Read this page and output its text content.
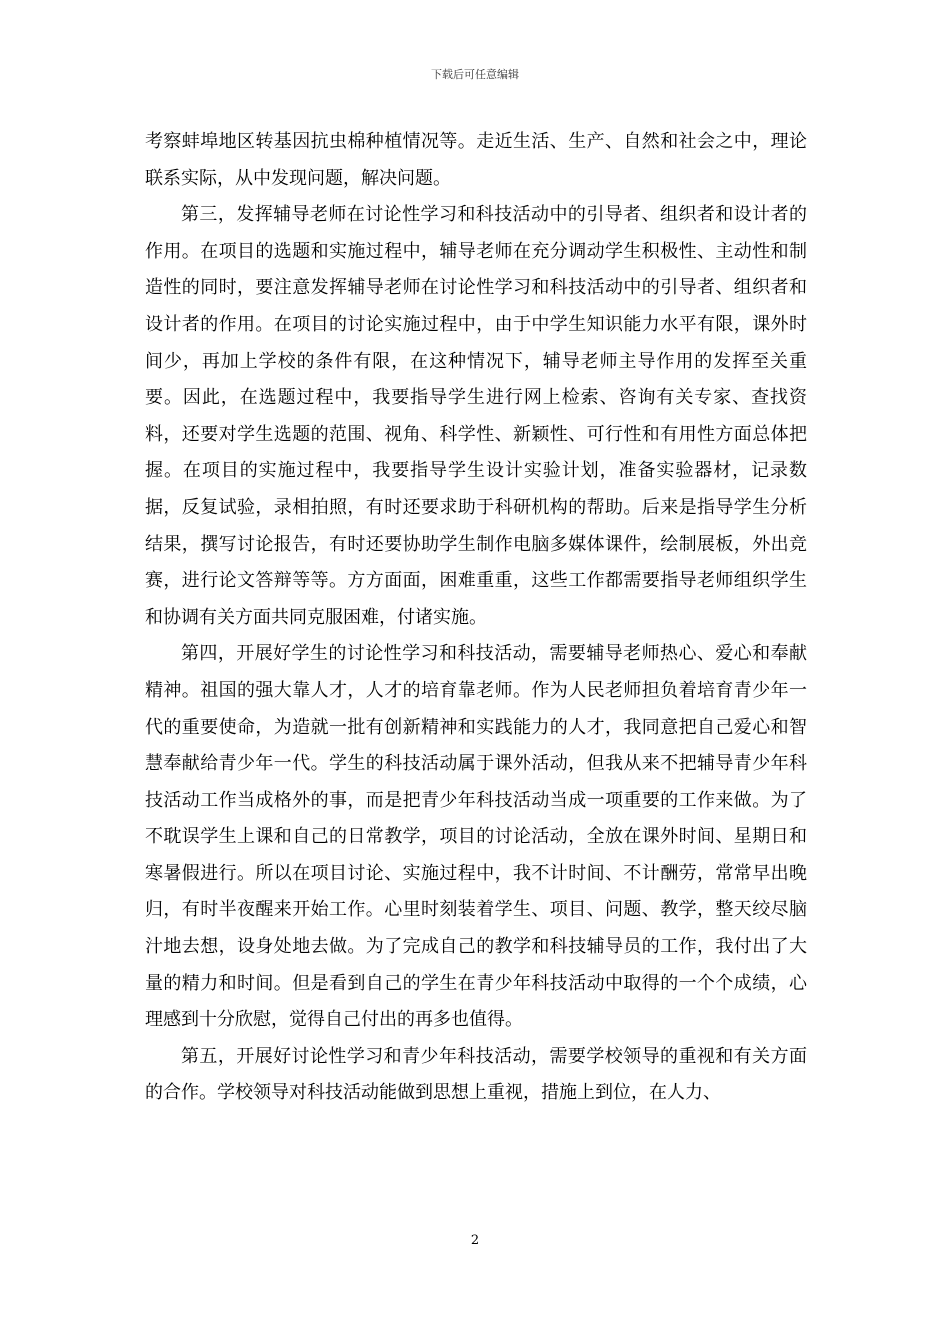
下载后可任意编辑

考察蚌埠地区转基因抗虫棉种植情况等。走近生活、生产、自然和社会之中，理论联系实际，从中发现问题，解决问题。

第三，发挥辅导老师在讨论性学习和科技活动中的引导者、组织者和设计者的作用。在项目的选题和实施过程中，辅导老师在充分调动学生积极性、主动性和制造性的同时，要注意发挥辅导老师在讨论性学习和科技活动中的引导者、组织者和设计者的作用。在项目的讨论实施过程中，由于中学生知识能力水平有限，课外时间少，再加上学校的条件有限，在这种情况下，辅导老师主导作用的发挥至关重要。因此，在选题过程中，我要指导学生进行网上检索、咨询有关专家、查找资料，还要对学生选题的范围、视角、科学性、新颖性、可行性和有用性方面总体把握。在项目的实施过程中，我要指导学生设计实验计划，准备实验器材，记录数据，反复试验，录相拍照，有时还要求助于科研机构的帮助。后来是指导学生分析结果，撰写讨论报告，有时还要协助学生制作电脑多媒体课件，绘制展板，外出竞赛，进行论文答辩等等。方方面面，困难重重，这些工作都需要指导老师组织学生和协调有关方面共同克服困难，付诸实施。

第四，开展好学生的讨论性学习和科技活动，需要辅导老师热心、爱心和奉献精神。祖国的强大靠人才，人才的培育靠老师。作为人民老师担负着培育青少年一代的重要使命，为造就一批有创新精神和实践能力的人才，我同意把自己爱心和智慧奉献给青少年一代。学生的科技活动属于课外活动，但我从来不把辅导青少年科技活动工作当成格外的事，而是把青少年科技活动当成一项重要的工作来做。为了不耽误学生上课和自己的日常教学，项目的讨论活动，全放在课外时间、星期日和寒暑假进行。所以在项目讨论、实施过程中，我不计时间、不计酬劳，常常早出晚归，有时半夜醒来开始工作。心里时刻装着学生、项目、问题、教学，整天绞尽脑汁地去想，设身处地去做。为了完成自己的教学和科技辅导员的工作，我付出了大量的精力和时间。但是看到自己的学生在青少年科技活动中取得的一个个成绩，心理感到十分欣慰，觉得自己付出的再多也值得。

第五，开展好讨论性学习和青少年科技活动，需要学校领导的重视和有关方面的合作。学校领导对科技活动能做到思想上重视，措施上到位，在人力、

2
